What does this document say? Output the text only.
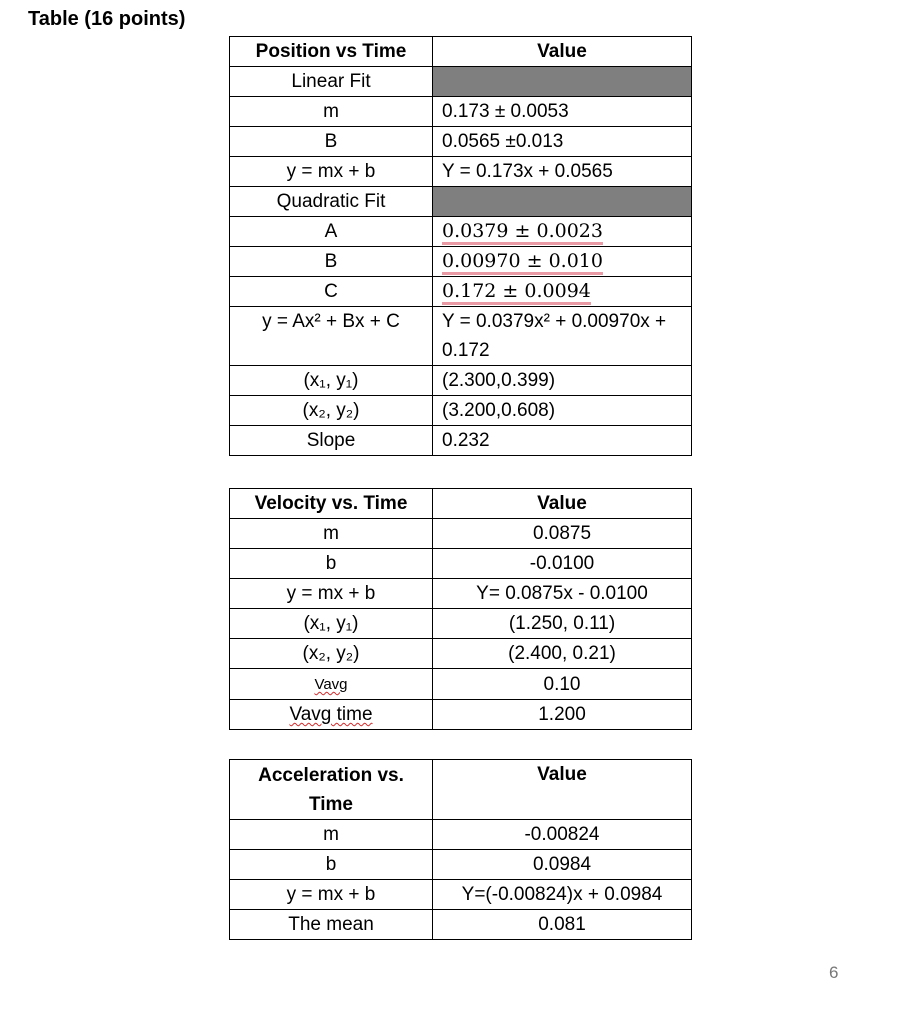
Table (16 points)
Position vs Time	Value
Linear Fit	
m	0.173 ± 0.0053
B	0.0565 ±0.013
y = mx + b	Y = 0.173x + 0.0565
Quadratic Fit	
A	0.0379 ± 0.0023
B	0.00970 ± 0.010
C	0.172 ± 0.0094
y = Ax² + Bx + C	Y = 0.0379x² + 0.00970x + 0.172
(x₁, y₁)	(2.300,0.399)
(x₂, y₂)	(3.200,0.608)
Slope	0.232
Velocity vs. Time	Value
m	0.0875
b	-0.0100
y = mx + b	Y= 0.0875x - 0.0100
(x₁, y₁)	(1.250, 0.11)
(x₂, y₂)	(2.400, 0.21)
Vavg	0.10
Vavg time	1.200
Acceleration vs. Time	Value
m	-0.00824
b	0.0984
y = mx + b	Y=(-0.00824)x + 0.0984
The mean	0.081
6
